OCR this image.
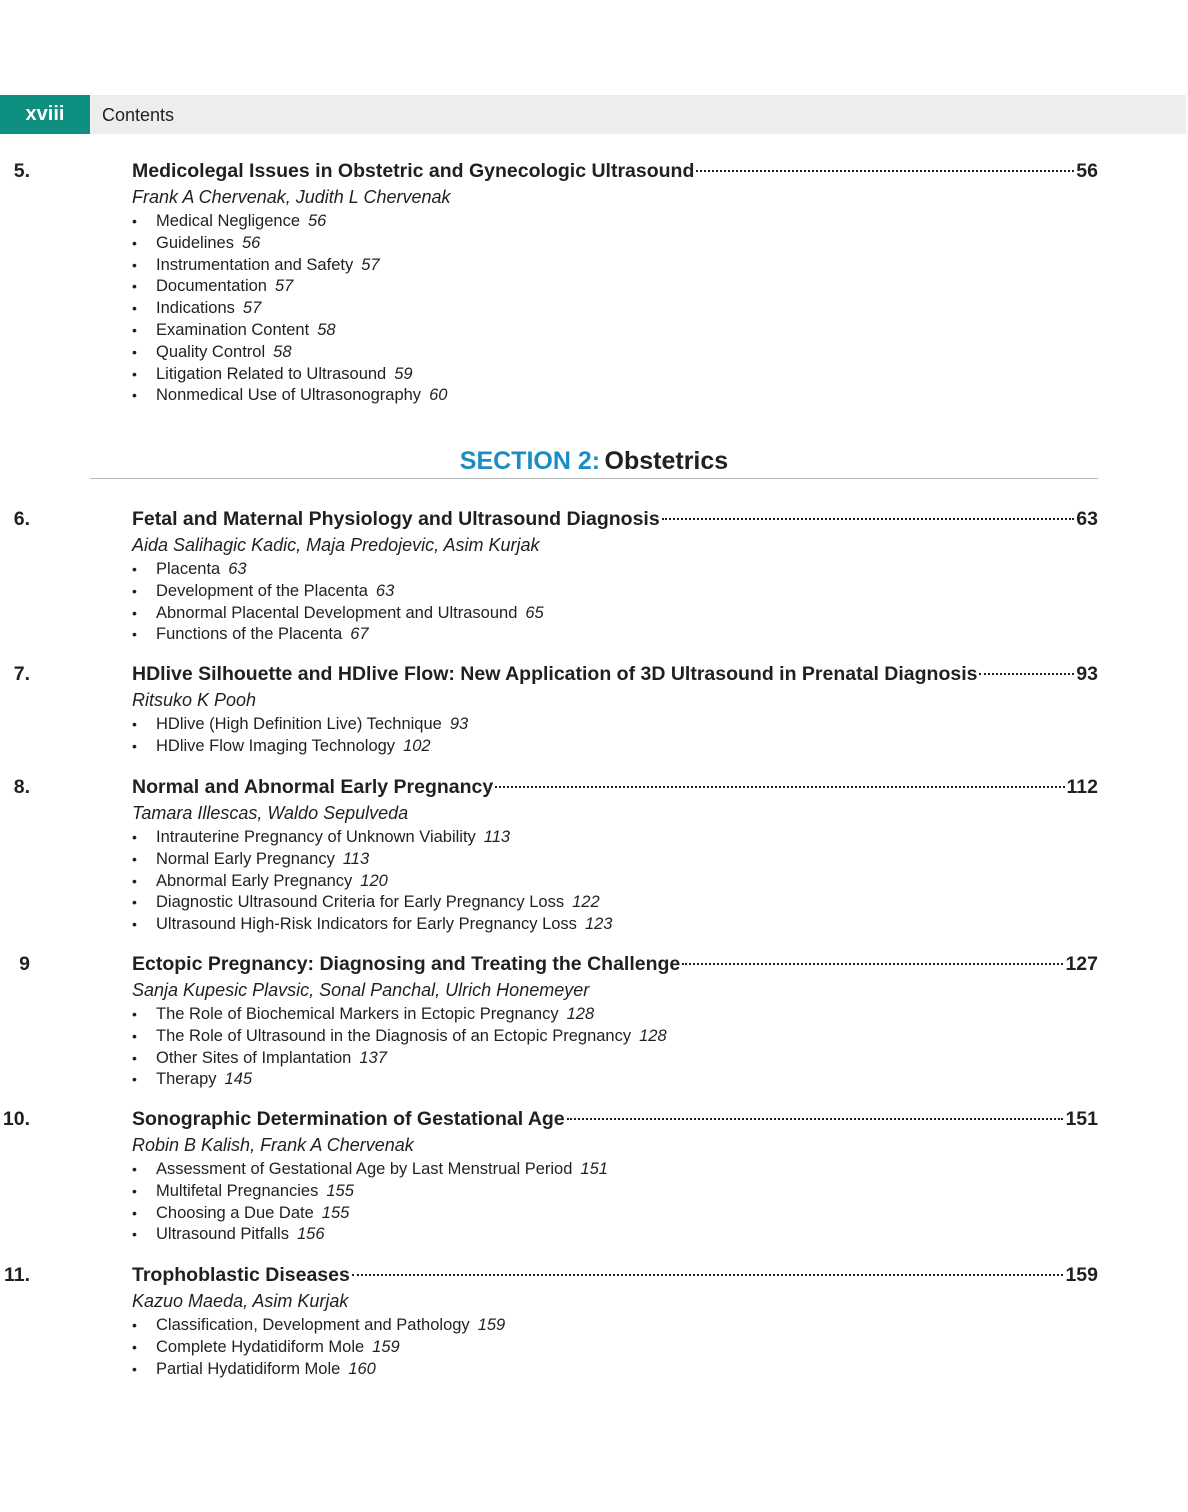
xviii	Contents
SECTION 2: Obstetrics
5.	Medicolegal Issues in Obstetric and Gynecologic Ultrasound	56
Frank A Chervenak, Judith L Chervenak
•	Medical Negligence 56
•	Guidelines 56
•	Instrumentation and Safety 57
•	Documentation 57
•	Indications 57
•	Examination Content 58
•	Quality Control 58
•	Litigation Related to Ultrasound 59
•	Nonmedical Use of Ultrasonography 60
6.	Fetal and Maternal Physiology and Ultrasound Diagnosis	63
Aida Salihagic Kadic, Maja Predojevic, Asim Kurjak
•	Placenta 63
•	Development of the Placenta 63
•	Abnormal Placental Development and Ultrasound 65
•	Functions of the Placenta 67
7.	HDlive Silhouette and HDlive Flow: New Application of 3D Ultrasound in Prenatal Diagnosis	93
Ritsuko K Pooh
•	HDlive (High Definition Live) Technique 93
•	HDlive Flow Imaging Technology 102
8.	Normal and Abnormal Early Pregnancy	112
Tamara Illescas, Waldo Sepulveda
•	Intrauterine Pregnancy of Unknown Viability 113
•	Normal Early Pregnancy 113
•	Abnormal Early Pregnancy 120
•	Diagnostic Ultrasound Criteria for Early Pregnancy Loss 122
•	Ultrasound High-Risk Indicators for Early Pregnancy Loss 123
9	Ectopic Pregnancy: Diagnosing and Treating the Challenge	127
Sanja Kupesic Plavsic, Sonal Panchal, Ulrich Honemeyer
•	The Role of Biochemical Markers in Ectopic Pregnancy 128
•	The Role of Ultrasound in the Diagnosis of an Ectopic Pregnancy 128
•	Other Sites of Implantation 137
•	Therapy 145
10.	Sonographic Determination of Gestational Age	151
Robin B Kalish, Frank A Chervenak
•	Assessment of Gestational Age by Last Menstrual Period 151
•	Multifetal Pregnancies 155
•	Choosing a Due Date 155
•	Ultrasound Pitfalls 156
11.	Trophoblastic Diseases	159
Kazuo Maeda, Asim Kurjak
•	Classification, Development and Pathology 159
•	Complete Hydatidiform Mole 159
•	Partial Hydatidiform Mole 160
